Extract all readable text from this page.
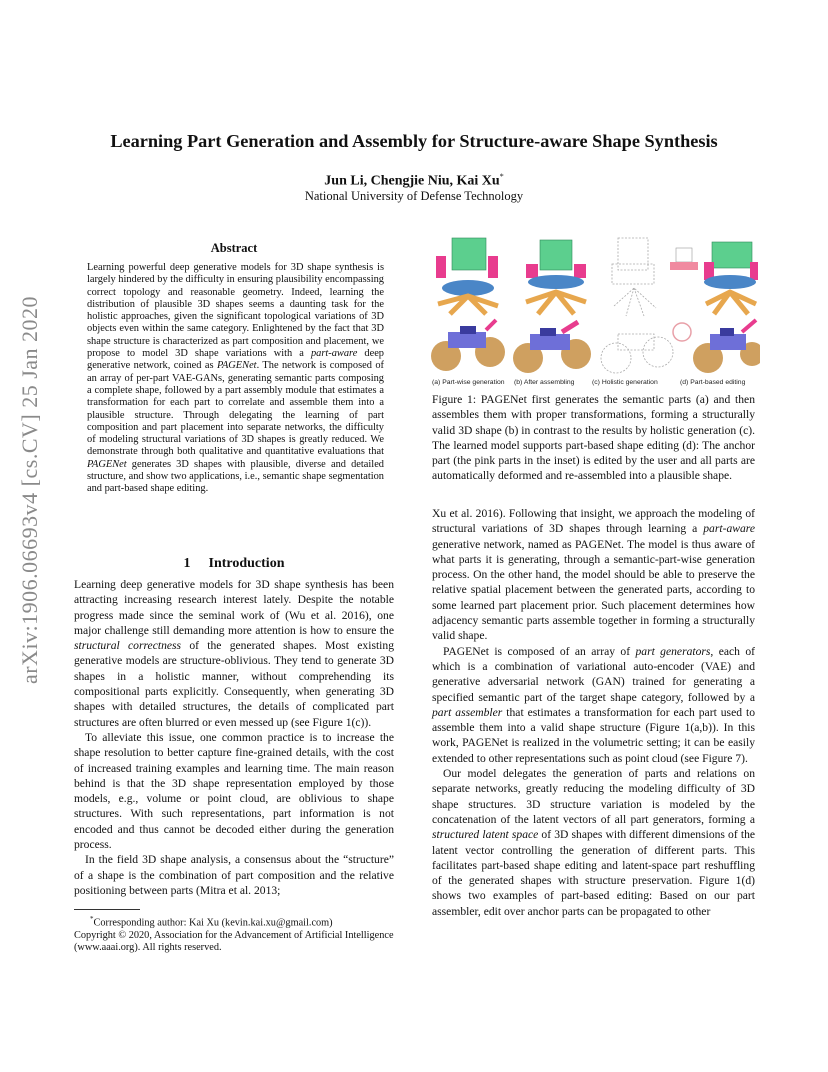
arXiv:1906.06693v4 [cs.CV] 25 Jan 2020
Learning Part Generation and Assembly for Structure-aware Shape Synthesis
Jun Li, Chengjie Niu, Kai Xu*
National University of Defense Technology
Abstract
Learning powerful deep generative models for 3D shape synthesis is largely hindered by the difficulty in ensuring plausibility encompassing correct topology and reasonable geometry. Indeed, learning the distribution of plausible 3D shapes seems a daunting task for the holistic approaches, given the significant topological variations of 3D objects even within the same category. Enlightened by the fact that 3D shape structure is characterized as part composition and placement, we propose to model 3D shape variations with a part-aware deep generative network, coined as PAGENet. The network is composed of an array of per-part VAE-GANs, generating semantic parts composing a complete shape, followed by a part assembly module that estimates a transformation for each part to correlate and assemble them into a plausible structure. Through delegating the learning of part composition and part placement into separate networks, the difficulty of modeling structural variations of 3D shapes is greatly reduced. We demonstrate through both qualitative and quantitative evaluations that PAGENet generates 3D shapes with plausible, diverse and detailed structure, and show two applications, i.e., semantic shape segmentation and part-based shape editing.
1 Introduction

Learning deep generative models for 3D shape synthesis has been attracting increasing research interest lately. Despite the notable progress made since the seminal work of (Wu et al. 2016), one major challenge still demanding more attention is how to ensure the structural correctness of the generated shapes. Most existing generative models are structure-oblivious. They tend to generate 3D shapes in a holistic manner, without comprehending its compositional parts explicitly. Consequently, when generating 3D shapes with detailed structures, the details of complicated part structures are often blurred or even messed up (see Figure 1(c)).

To alleviate this issue, one common practice is to increase the shape resolution to better capture fine-grained details, with the cost of increased training examples and learning time. The main reason behind is that the 3D shape representation employed by those models, e.g., volume or point cloud, are oblivious to shape structures. With such representations, part information is not encoded and thus cannot be decoded either during the generation process.

In the field 3D shape analysis, a consensus about the “structure” of a shape is the combination of part composition and the relative positioning between parts (Mitra et al. 2013;

*Corresponding author: Kai Xu (kevin.kai.xu@gmail.com)

Copyright © 2020, Association for the Advancement of Artificial Intelligence (www.aaai.org). All rights reserved.

(a) Part-wise generation (b) After assembling	(c) Holistic generation	(d) Part-based editing

Figure 1: PAGENet first generates the semantic parts (a) and then assembles them with proper transformations, forming a structurally valid 3D shape (b) in contrast to the results by holistic generation (c). The learned model supports part-based shape editing (d): The anchor part (the pink parts in the inset) is edited by the user and all parts are automatically deformed and re-assembled into a plausible shape.

Xu et al. 2016). Following that insight, we approach the modeling of structural variations of 3D shapes through learning a part-aware generative network, named as PAGENet. The model is thus aware of what parts it is generating, through a semantic-part-wise generation process. On the other hand, the model should be able to preserve the relative spatial placement between the generated parts, according to some learned part placement prior. Such placement determines how adjacency semantic parts assemble together in forming a structurally valid shape.

PAGENet is composed of an array of part generators, each of which is a combination of variational auto-encoder (VAE) and generative adversarial network (GAN) trained for generating a specified semantic part of the target shape category, followed by a part assembler that estimates a transformation for each part used to assemble them into a valid shape structure (Figure 1(a,b)). In this work, PAGENet is realized in the volumetric setting; it can be easily extended to other representations such as point cloud (see Figure 7).

Our model delegates the generation of parts and relations on separate networks, greatly reducing the modeling difficulty of 3D shape structures. 3D structure variation is modeled by the concatenation of the latent vectors of all part generators, forming a structured latent space of 3D shapes with different dimensions of the latent vector controlling the generation of different parts. This facilitates part-based shape editing and latent-space part reshuffling of the generated shapes with structure preservation. Figure 1(d) shows two examples of part-based editing: Based on our part assembler, edit over anchor parts can be propagated to other
